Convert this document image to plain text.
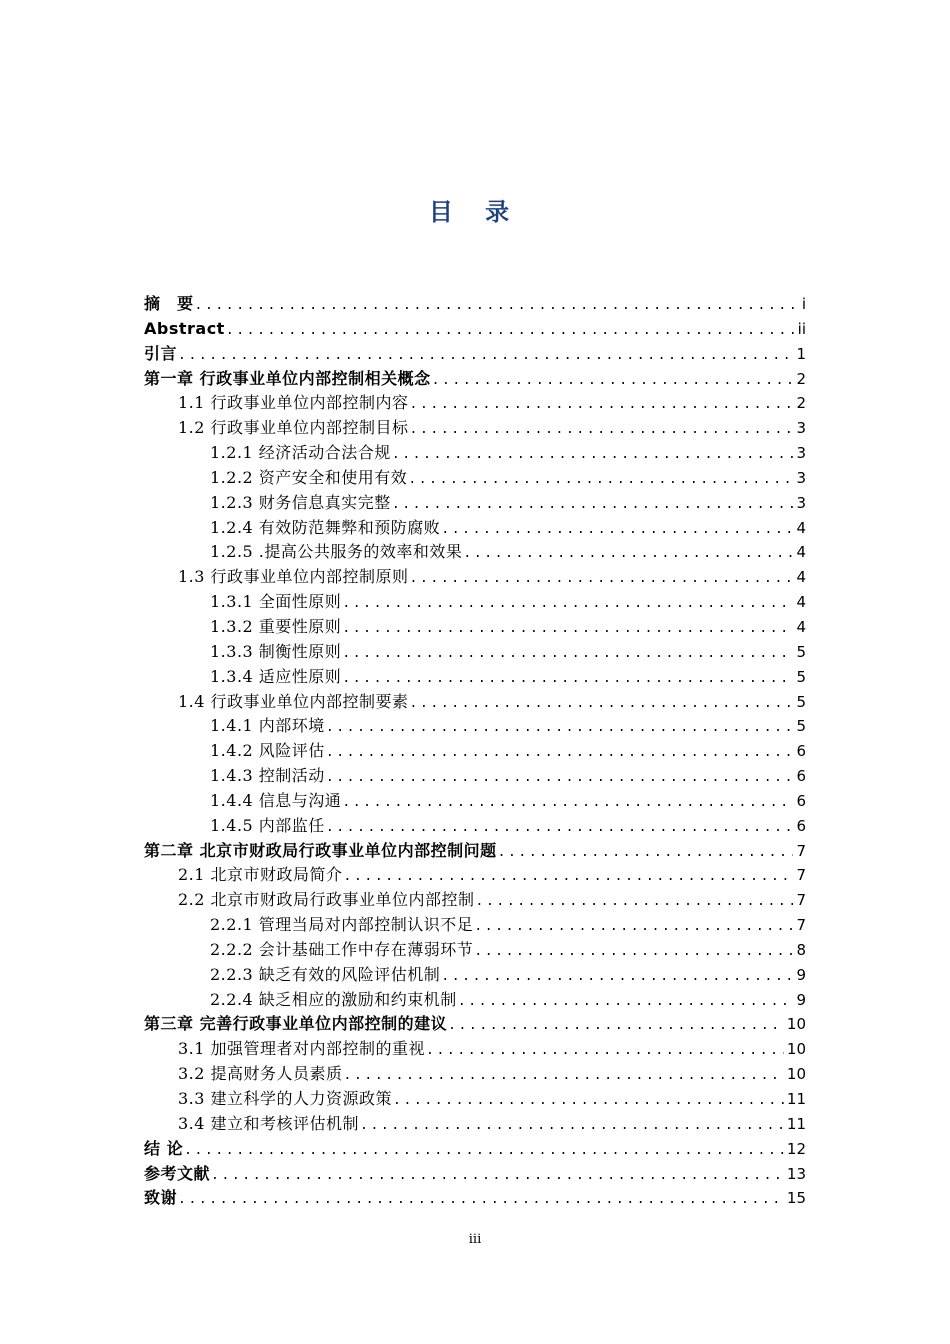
目 录
摘　要 .....	i
Abstract .....	ii
引言 .....	1
第一章 行政事业单位内部控制相关概念 .....	2
1.1 行政事业单位内部控制内容 .....	2
1.2 行政事业单位内部控制目标 .....	3
1.2.1 经济活动合法合规 .....	3
1.2.2 资产安全和使用有效 .....	3
1.2.3 财务信息真实完整 .....	3
1.2.4 有效防范舞弊和预防腐败 .....	4
1.2.5 .提高公共服务的效率和效果 .....	4
1.3 行政事业单位内部控制原则 .....	4
1.3.1 全面性原则 .....	4
1.3.2 重要性原则 .....	4
1.3.3 制衡性原则 .....	5
1.3.4 适应性原则 .....	5
1.4 行政事业单位内部控制要素 .....	5
1.4.1 内部环境 .....	5
1.4.2 风险评估 .....	6
1.4.3 控制活动 .....	6
1.4.4 信息与沟通 .....	6
1.4.5 内部监任 .....	6
第二章 北京市财政局行政事业单位内部控制问题 .....	7
2.1 北京市财政局简介 .....	7
2.2 北京市财政局行政事业单位内部控制 .....	7
2.2.1 管理当局对内部控制认识不足 .....	7
2.2.2 会计基础工作中存在薄弱环节 .....	8
2.2.3 缺乏有效的风险评估机制 .....	9
2.2.4 缺乏相应的激励和约束机制 .....	9
第三章 完善行政事业单位内部控制的建议 .....	10
3.1 加强管理者对内部控制的重视 .....	10
3.2 提高财务人员素质 .....	10
3.3 建立科学的人力资源政策 .....	11
3.4 建立和考核评估机制 .....	11
结 论 .....	12
参考文献 .....	13
致谢 .....	15
iii
